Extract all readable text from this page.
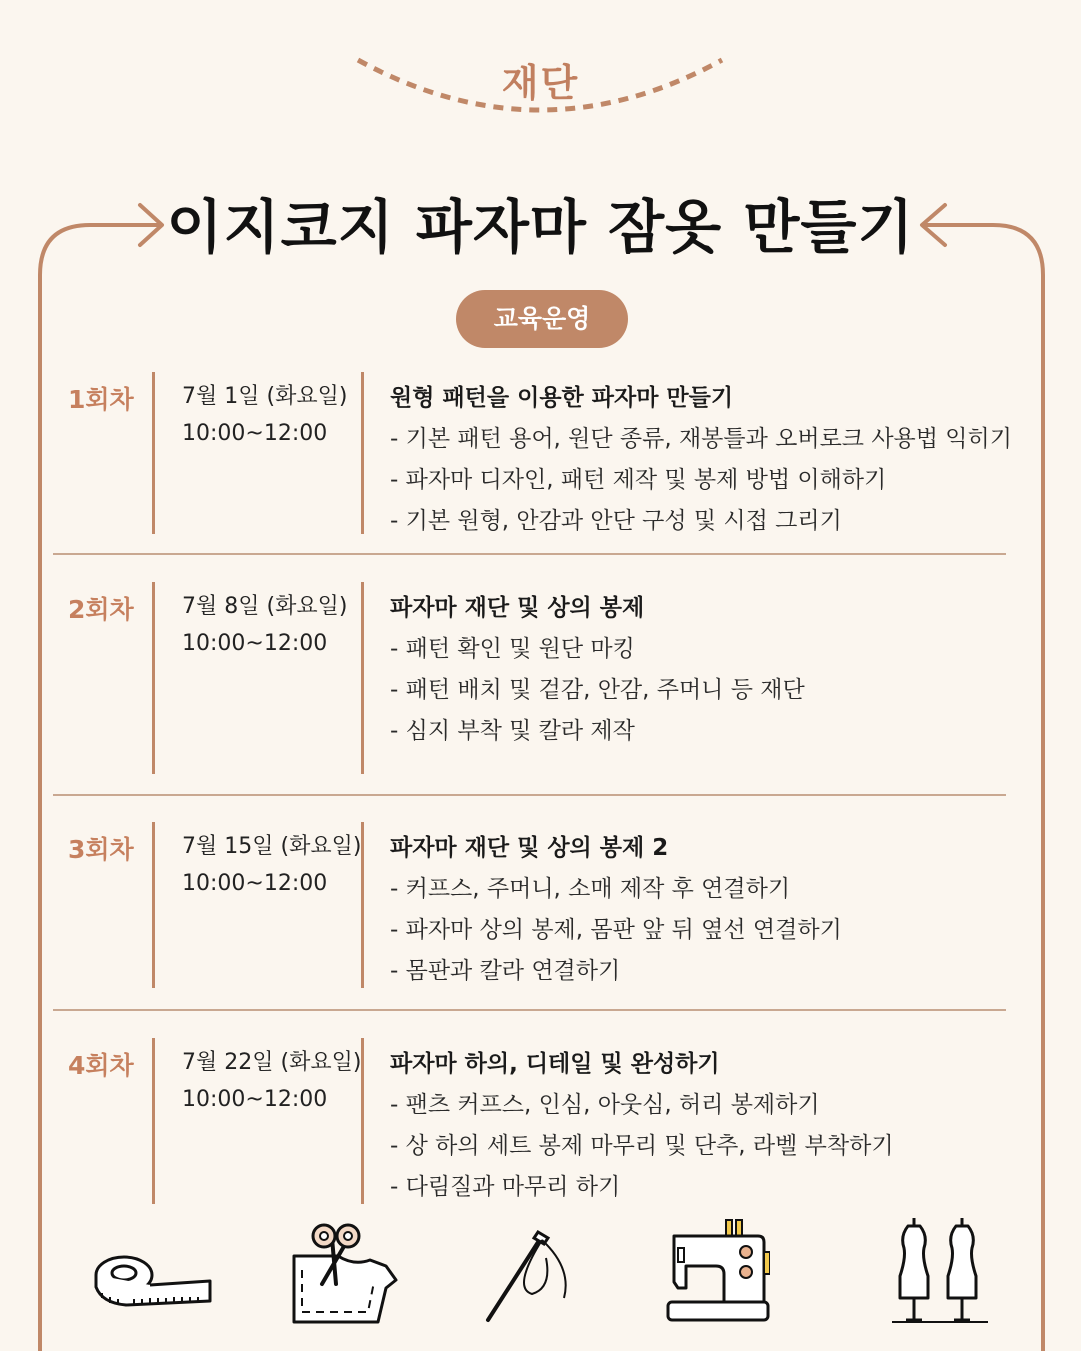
재단
이지코지 파자마 잠옷 만들기
교육운영
1회차 7월 1일 (화요일)
10:00~12:00
원형 패턴을 이용한 파자마 만들기
- 기본 패턴 용어, 원단 종류, 재봉틀과 오버로크 사용법 익히기
- 파자마 디자인, 패턴 제작 및 봉제 방법 이해하기
- 기본 원형, 안감과 안단 구성 및 시접 그리기
2회차 7월 8일 (화요일)
10:00~12:00
파자마 재단 및 상의 봉제
- 패턴 확인 및 원단 마킹
- 패턴 배치 및 겉감, 안감, 주머니 등 재단
- 심지 부착 및 칼라 제작
3회차 7월 15일 (화요일)
10:00~12:00
파자마 재단 및 상의 봉제 2
- 커프스, 주머니, 소매 제작 후 연결하기
- 파자마 상의 봉제, 몸판 앞 뒤 옆선 연결하기
- 몸판과 칼라 연결하기
4회차 7월 22일 (화요일)
10:00~12:00
파자마 하의, 디테일 및 완성하기
- 팬츠 커프스, 인심, 아웃심, 허리 봉제하기
- 상 하의 세트 봉제 마무리 및 단추, 라벨 부착하기
- 다림질과 마무리 하기
